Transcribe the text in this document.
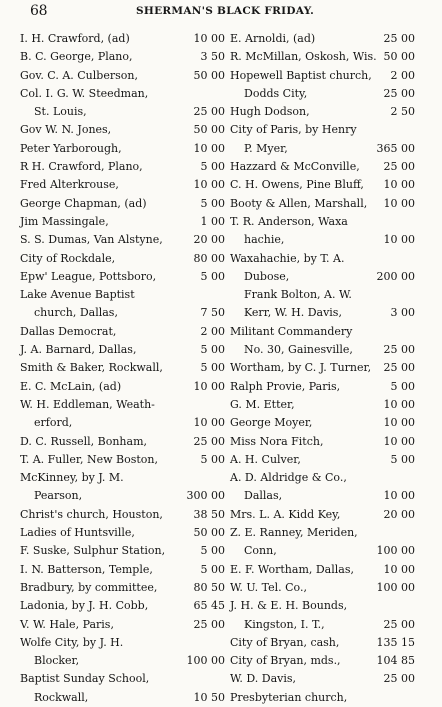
68	SHERMAN'S BLACK FRIDAY.
I. H. Crawford, (ad)	10 00
B. C. George, Plano,	3 50
Gov. C. A. Culberson,	50 00
Col. I. G. W. Steedman,
St. Louis,	25 00
Gov W. N. Jones,	50 00
Peter Yarborough,	10 00
R H. Crawford, Plano,	5 00
Fred Alterkrouse,	10 00
George Chapman, (ad)	5 00
Jim Massingale,	1 00
S. S. Dumas, Van Alstyne,	20 00
City of Rockdale,	80 00
Epw' League, Pottsboro,	5 00
Lake Avenue Baptist
church, Dallas,	7 50
Dallas Democrat,	2 00
J. A. Barnard, Dallas,	5 00
Smith & Baker, Rockwall,	5 00
E. C. McLain, (ad)	10 00
W. H. Eddleman, Weath-
erford,	10 00
D. C. Russell, Bonham,	25 00
T. A. Fuller, New Boston,	5 00
McKinney, by J. M.
Pearson,	300 00
Christ's church, Houston,	38 50
Ladies of Huntsville,	50 00
F. Suske, Sulphur Station,	5 00
I. N. Batterson, Temple,	5 00
Bradbury, by committee,	80 50
Ladonia, by J. H. Cobb,	65 45
V. W. Hale, Paris,	25 00
Wolfe City, by J. H.
Blocker,	100 00
Baptist Sunday School,
Rockwall,	10 50
E. Arnoldi, (ad)	25 00
R. McMillan, Oskosh, Wis. 50 00
Hopewell Baptist church, 2 00
Dodds City,	25 00
Hugh Dodson,	2 50
City of Paris, by Henry
P. Myer,	365 00
Hazzard & McConville, 25 00
C. H. Owens, Pine Bluff, 10 00
Booty & Allen, Marshall, 10 00
T. R. Anderson, Waxa
hachie,	10 00
Waxahachie, by T. A.
Dubose,	200 00
Frank Bolton, A. W.
Kerr, W. H. Davis,	3 00
Militant Commandery
No. 30, Gainesville,	25 00
Wortham, by C. J. Turner, 25 00
Ralph Provie, Paris,	5 00
G. M. Etter,	10 00
George Moyer,	10 00
Miss Nora Fitch,	10 00
A. H. Culver,	5 00
A. D. Aldridge & Co.,
Dallas,	10 00
Mrs. L. A. Kidd Key,	20 00
Z. E. Ranney, Meriden,
Conn,	100 00
E. F. Wortham, Dallas,	10 00
W. U. Tel. Co.,	100 00
J. H. & E. H. Bounds,
Kingston, I. T.,	25 00
City of Bryan, cash,	135 15
City of Bryan, mds.,	104 85
W. D. Davis,	25 00
Presbyterian church,
